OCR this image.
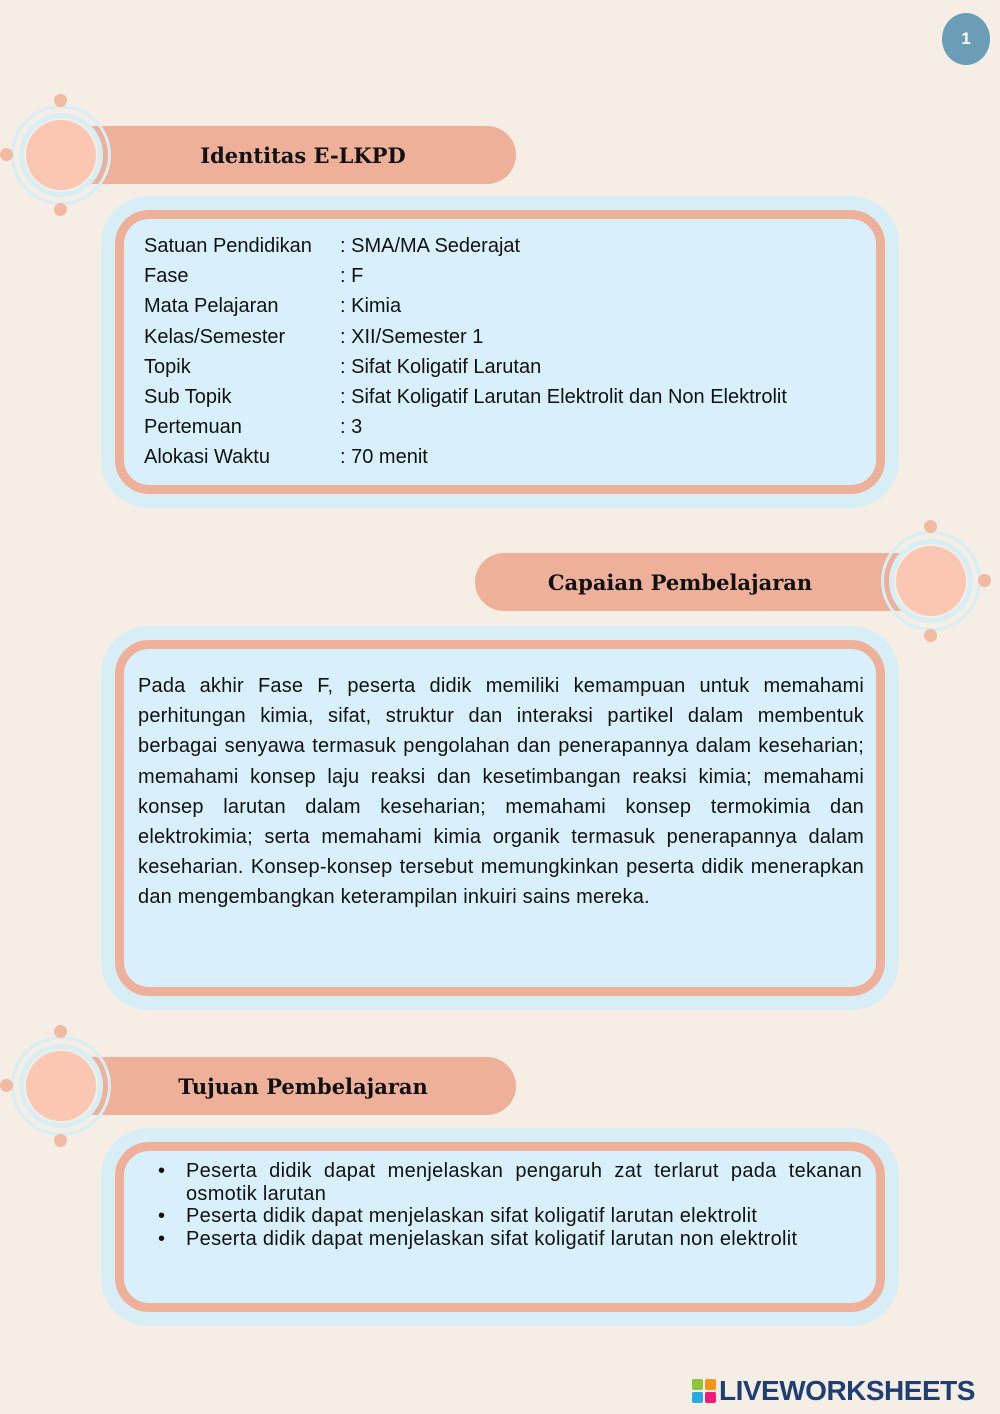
1
Identitas E-LKPD
Satuan Pendidikan	: SMA/MA Sederajat
Fase	: F
Mata Pelajaran	: Kimia
Kelas/Semester	: XII/Semester 1
Topik	: Sifat Koligatif Larutan
Sub Topik	: Sifat Koligatif Larutan Elektrolit dan Non Elektrolit
Pertemuan	: 3
Alokasi Waktu	: 70 menit
Capaian Pembelajaran
Pada akhir Fase F, peserta didik memiliki kemampuan untuk memahami perhitungan kimia, sifat, struktur dan interaksi partikel dalam membentuk berbagai senyawa termasuk pengolahan dan penerapannya dalam keseharian; memahami konsep laju reaksi dan kesetimbangan reaksi kimia; memahami konsep larutan dalam keseharian; memahami konsep termokimia dan elektrokimia; serta memahami kimia organik termasuk penerapannya dalam keseharian. Konsep-konsep tersebut memungkinkan peserta didik menerapkan dan mengembangkan keterampilan inkuiri sains mereka.
Tujuan Pembelajaran
• Peserta didik dapat menjelaskan pengaruh zat terlarut pada tekanan osmotik larutan
• Peserta didik dapat menjelaskan sifat koligatif larutan elektrolit
• Peserta didik dapat menjelaskan sifat koligatif larutan non elektrolit
LIVEWORKSHEETS
